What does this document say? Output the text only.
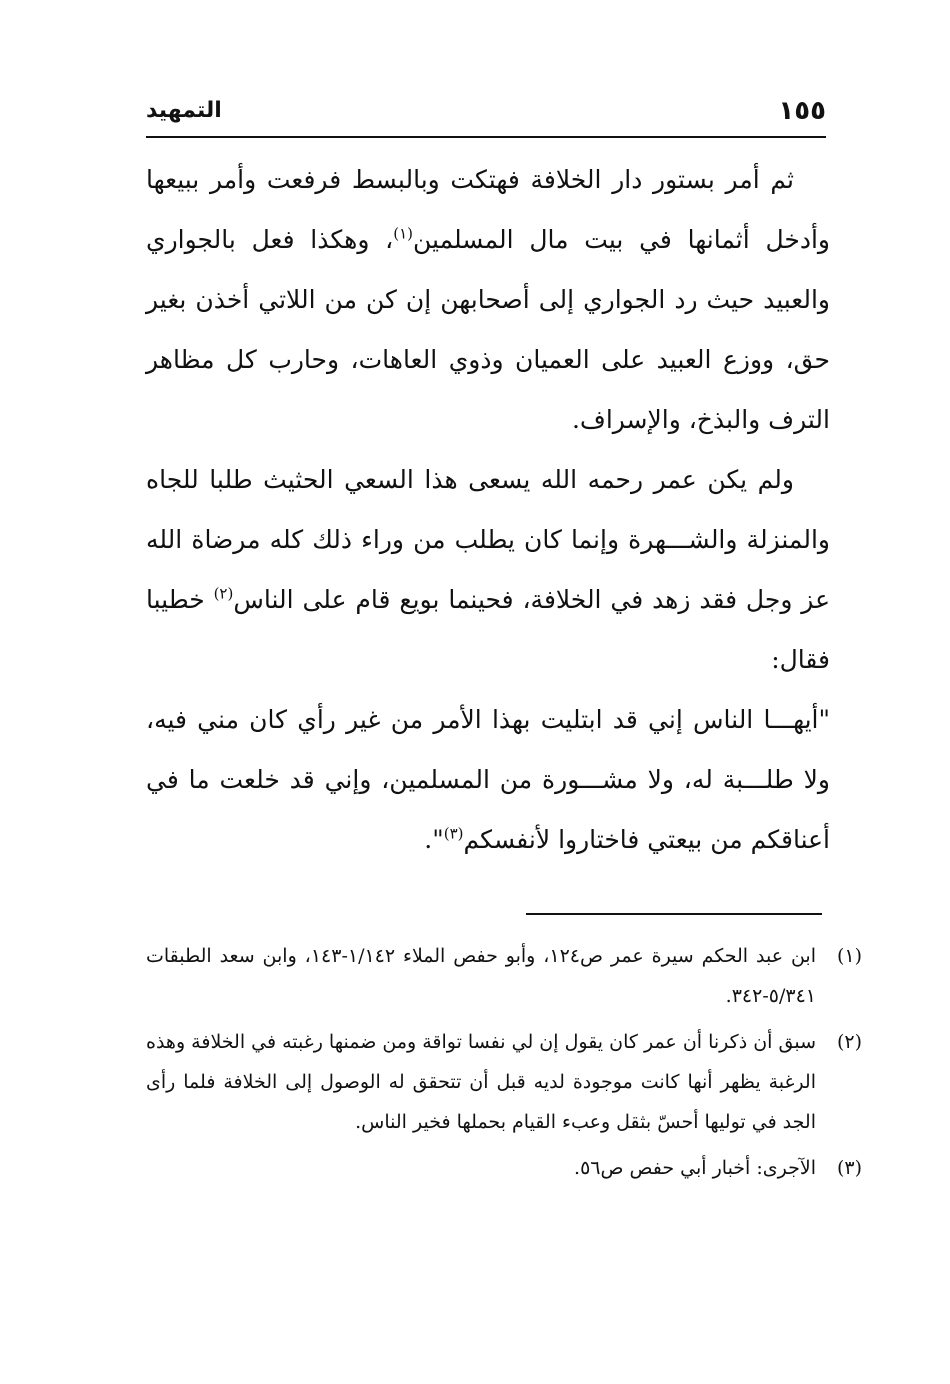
١٥٥
التمهيد

ثم أمر بستور دار الخلافة فهتكت وبالبسط فرفعت وأمر ببيعها وأدخل أثمانها في بيت مال المسلمين$^{(١)}$، وهكذا فعل بالجواري والعبيد حيث رد الجواري إلى أصحابهن إن كن من اللاتي أخذن بغير حق، ووزع العبيد على العميان وذوي العاهات، وحارب كل مظاهر الترف والبذخ، والإسراف.

ولم يكن عمر رحمه الله يسعى هذا السعي الحثيث طلبا للجاه والمنزلة والشـــهرة وإنما كان يطلب من وراء ذلك كله مرضاة الله عز وجل فقد زهد في الخلافة، فحينما بويع قام على الناس$^{(٢)}$ خطيبا فقال:

"أيهـــا الناس إني قد ابتليت بهذا الأمر من غير رأي كان مني فيه، ولا طلـــبة له، ولا مشـــورة من المسلمين، وإني قد خلعت ما في أعناقكم من بيعتي فاختاروا لأنفسكم$^{(٣)}$".

(١)
ابن عبد الحكم سيرة عمر ص١٢٤، وأبو حفص الملاء ١/١٤٢-١٤٣، وابن سعد الطبقات ٥/٣٤١-٣٤٢.
(٢)
سبق أن ذكرنا أن عمر كان يقول إن لي نفسا تواقة ومن ضمنها رغبته في الخلافة وهذه الرغبة يظهر أنها كانت موجودة لديه قبل أن تتحقق له الوصول إلى الخلافة فلما رأى الجد في توليها أحسّ بثقل وعبء القيام بحملها فخير الناس.
(٣)
الآجرى: أخبار أبي حفص ص٥٦.
